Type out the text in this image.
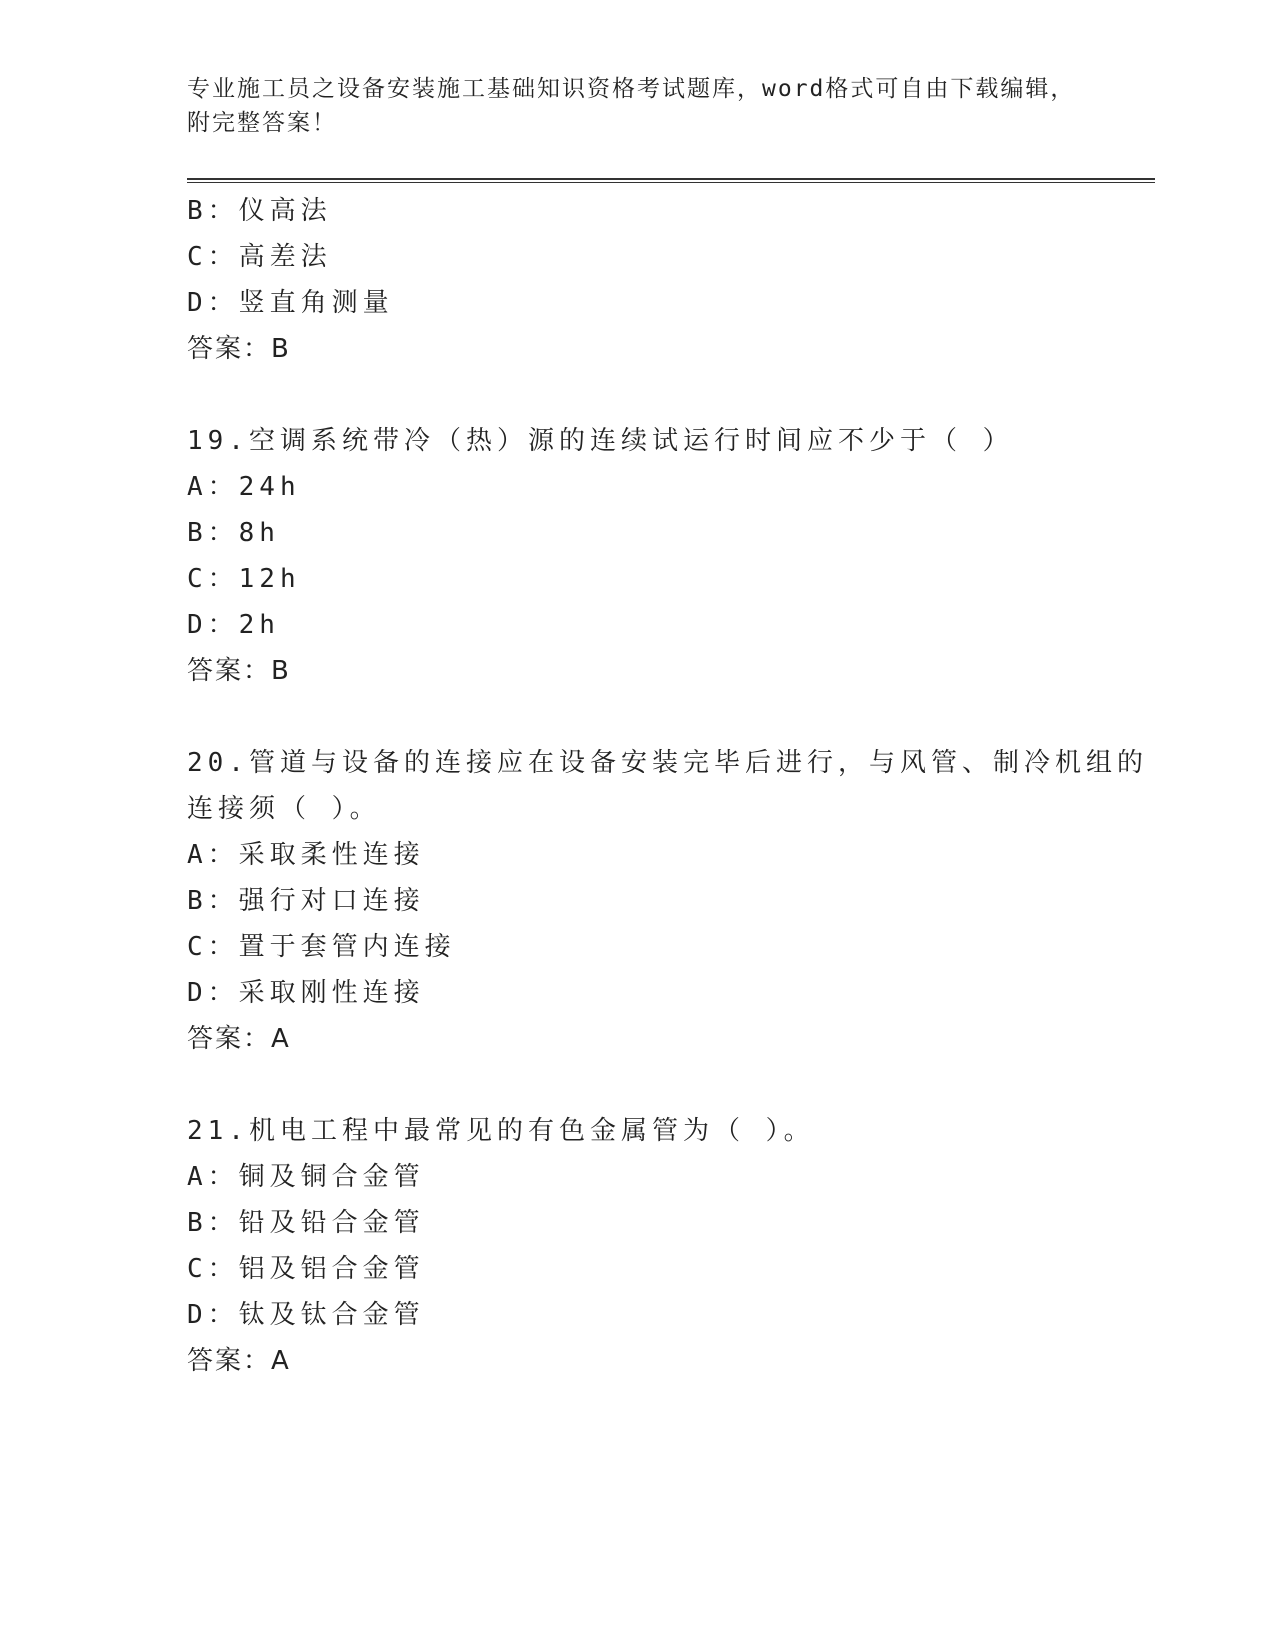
专业施工员之设备安装施工基础知识资格考试题库，word格式可自由下载编辑，
附完整答案！
B：仪高法
C：高差法
D：竖直角测量
答案：B
19.空调系统带冷（热）源的连续试运行时间应不少于（ ）
A：24h
B：8h
C：12h
D：2h
答案：B
20.管道与设备的连接应在设备安装完毕后进行，与风管、制冷机组的
连接须（ ）。
A：采取柔性连接
B：强行对口连接
C：置于套管内连接
D：采取刚性连接
答案：A
21.机电工程中最常见的有色金属管为（ ）。
A：铜及铜合金管
B：铅及铅合金管
C：铝及铝合金管
D：钛及钛合金管
答案：A
